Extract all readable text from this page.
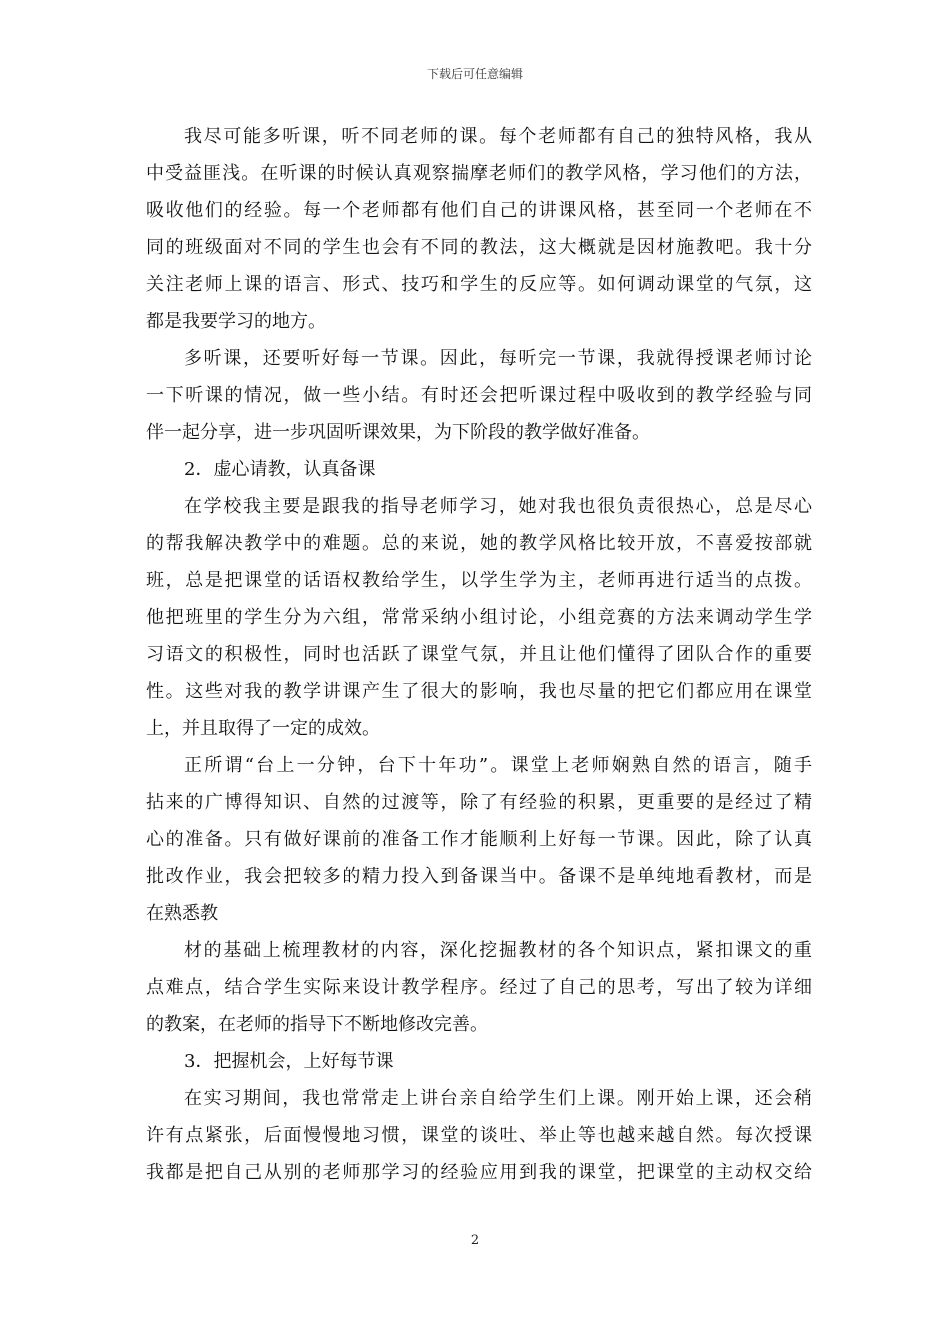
下载后可任意编辑
我尽可能多听课，听不同老师的课。每个老师都有自己的独特风格，我从
中受益匪浅。在听课的时候认真观察揣摩老师们的教学风格，学习他们的方法，
吸收他们的经验。每一个老师都有他们自己的讲课风格，甚至同一个老师在不
同的班级面对不同的学生也会有不同的教法，这大概就是因材施教吧。我十分
关注老师上课的语言、形式、技巧和学生的反应等。如何调动课堂的气氛，这
都是我要学习的地方。
多听课，还要听好每一节课。因此，每听完一节课，我就得授课老师讨论
一下听课的情况，做一些小结。有时还会把听课过程中吸收到的教学经验与同
伴一起分享，进一步巩固听课效果，为下阶段的教学做好准备。
2．虚心请教，认真备课
在学校我主要是跟我的指导老师学习，她对我也很负责很热心，总是尽心
的帮我解决教学中的难题。总的来说，她的教学风格比较开放，不喜爱按部就
班，总是把课堂的话语权教给学生，以学生学为主，老师再进行适当的点拨。
他把班里的学生分为六组，常常采纳小组讨论，小组竞赛的方法来调动学生学
习语文的积极性，同时也活跃了课堂气氛，并且让他们懂得了团队合作的重要
性。这些对我的教学讲课产生了很大的影响，我也尽量的把它们都应用在课堂
上，并且取得了一定的成效。
正所谓“台上一分钟，台下十年功”。课堂上老师娴熟自然的语言，随手
拈来的广博得知识、自然的过渡等，除了有经验的积累，更重要的是经过了精
心的准备。只有做好课前的准备工作才能顺利上好每一节课。因此，除了认真
批改作业，我会把较多的精力投入到备课当中。备课不是单纯地看教材，而是
在熟悉教
材的基础上梳理教材的内容，深化挖掘教材的各个知识点，紧扣课文的重
点难点，结合学生实际来设计教学程序。经过了自己的思考，写出了较为详细
的教案，在老师的指导下不断地修改完善。
3．把握机会，上好每节课
在实习期间，我也常常走上讲台亲自给学生们上课。刚开始上课，还会稍
许有点紧张，后面慢慢地习惯，课堂的谈吐、举止等也越来越自然。每次授课
我都是把自己从别的老师那学习的经验应用到我的课堂，把课堂的主动权交给
2
